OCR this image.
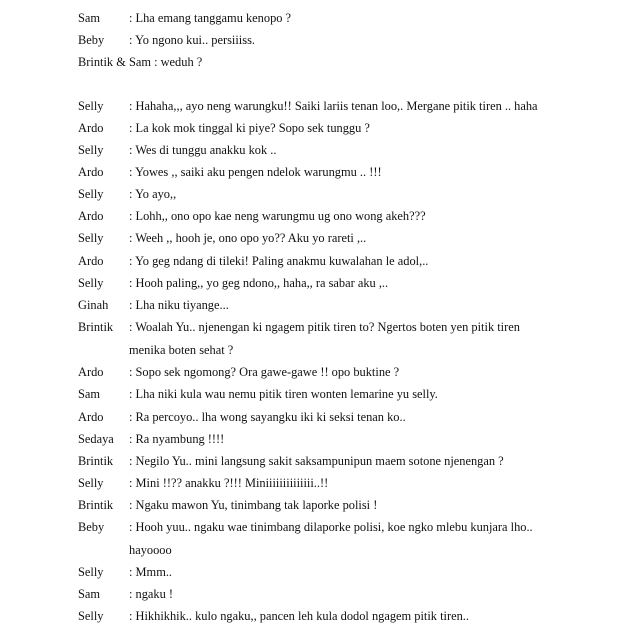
Sam : Lha emang tanggamu kenopo ?
Beby : Yo ngono kui.. persiiiss.
Brintik & Sam : weduh ?
Selly : Hahaha,,, ayo neng warungku!! Saiki lariis tenan loo,. Mergane pitik tiren .. haha
Ardo : La kok mok tinggal ki piye? Sopo sek tunggu ?
Selly : Wes di tunggu anakku kok ..
Ardo : Yowes ,, saiki aku pengen ndelok warungmu .. !!!
Selly : Yo ayo,,
Ardo : Lohh,, ono opo kae neng warungmu ug ono wong akeh???
Selly : Weeh ,, hooh je, ono opo yo?? Aku yo rareti ,..
Ardo : Yo geg ndang di tileki! Paling anakmu kuwalahan le adol,..
Selly : Hooh paling,, yo geg ndono,, haha,, ra sabar aku ,..
Ginah : Lha niku tiyange...
Brintik : Woalah Yu.. njenengan ki ngagem pitik tiren to? Ngertos boten yen pitik tiren
menika boten sehat ?
Ardo : Sopo sek ngomong? Ora gawe-gawe !! opo buktine ?
Sam : Lha niki kula wau nemu pitik tiren wonten lemarine yu selly.
Ardo : Ra percoyo.. lha wong sayangku iki ki seksi tenan ko..
Sedaya : Ra nyambung !!!!
Brintik : Negilo Yu.. mini langsung sakit saksampunipun maem sotone njenengan ?
Selly : Mini !!?? anakku ?!!! Miniiiiiiiiiiiiii..!!
Brintik : Ngaku mawon Yu, tinimbang tak laporke polisi !
Beby : Hooh yuu.. ngaku wae tinimbang dilaporke polisi, koe ngko mlebu kunjara lho..
hayoooo
Selly : Mmm..
Sam : ngaku !
Selly : Hikhikhik.. kulo ngaku,, pancen leh kula dodol ngagem pitik tiren..
